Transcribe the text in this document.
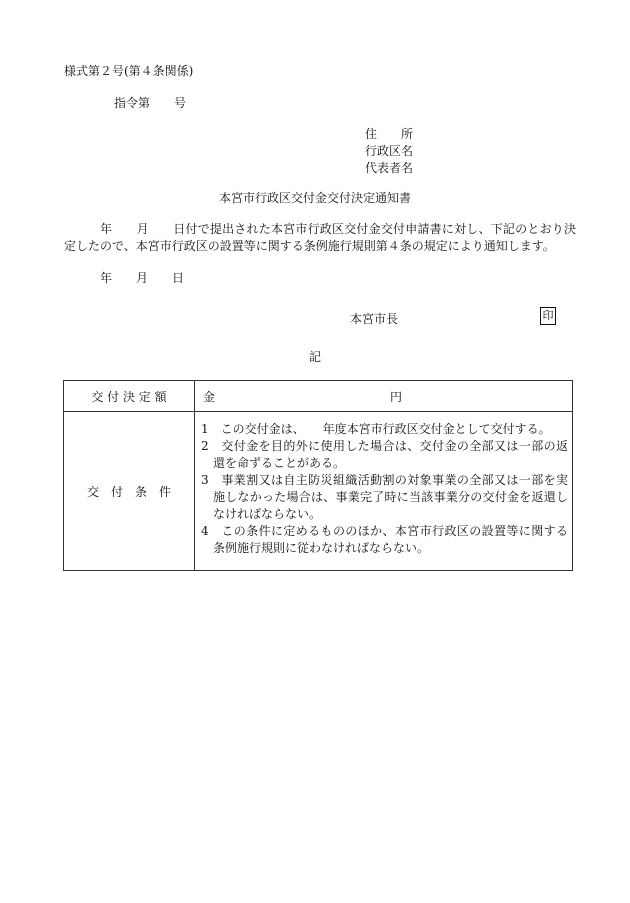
様式第２号(第４条関係)
指令第　　号
住　　所
行政区名
代表者名
本宮市行政区交付金交付決定通知書
年　　月　　日付で提出された本宮市行政区交付金交付申請書に対し、下記のとおり決定したので、本宮市行政区の設置等に関する条例施行規則第４条の規定により通知します。
年　　月　　日
本宮市長	印
記
交 付 決 定 額	金 円

交　付　条　件	1　この交付金は、　　年度本宮市行政区交付金として交付する。
2　交付金を目的外に使用した場合は、交付金の全部又は一部の返還を命ずることがある。
3　事業割又は自主防災組織活動割の対象事業の全部又は一部を実施しなかった場合は、事業完了時に当該事業分の交付金を返還しなければならない。
4　この条件に定めるもののほか、本宮市行政区の設置等に関する条例施行規則に従わなければならない。
